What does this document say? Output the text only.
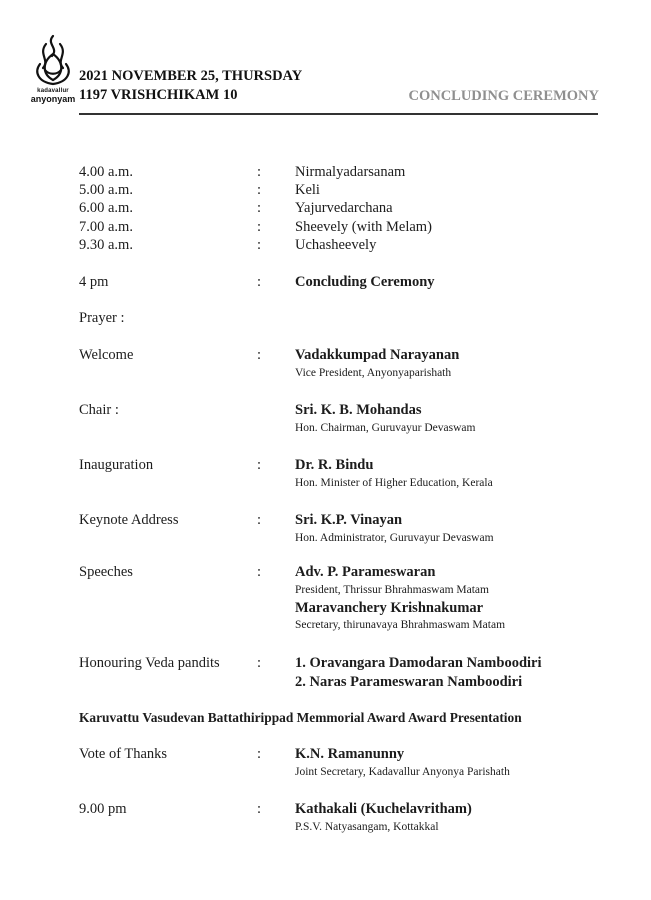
kadavallur
anyonyam
2021 NOVEMBER 25, THURSDAY
1197 VRISHCHIKAM 10	CONCLUDING CEREMONY
4.00 a.m.	: Nirmalyadarsanam
5.00 a.m.	: Keli
6.00 a.m.	: Yajurvedarchana
7.00 a.m.	: Sheevely (with Melam)
9.30 a.m.	: Uchasheevely
4 pm	: Concluding Ceremony
Prayer :
Welcome	: Vadakkumpad Narayanan
Vice President, Anyonyaparishath
Chair :	Sri. K. B. Mohandas
Hon. Chairman, Guruvayur Devaswam
Inauguration	: Dr. R. Bindu
Hon. Minister of Higher Education, Kerala
Keynote Address	: Sri. K.P. Vinayan
Hon. Administrator, Guruvayur Devaswam
Speeches	: Adv. P. Parameswaran
President, Thrissur Bhrahmaswam Matam
Maravanchery Krishnakumar
Secretary, thirunavaya Bhrahmaswam Matam
Honouring Veda pandits	: 1. Oravangara Damodaran Namboodiri
2. Naras Parameswaran Namboodiri
Karuvattu Vasudevan Battathirippad Memmorial Award Award Presentation
Vote of Thanks	: K.N. Ramanunny
Joint Secretary, Kadavallur Anyonya Parishath
9.00 pm	: Kathakali (Kuchelavritham)
P.S.V. Natyasangam, Kottakkal
